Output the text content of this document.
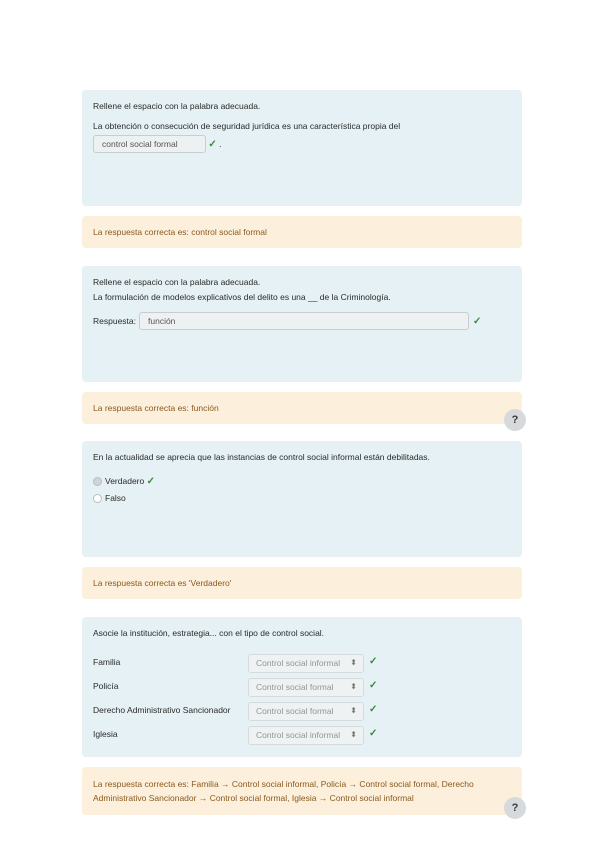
Rellene el espacio con la palabra adecuada.

La obtención o consecución de seguridad jurídica es una característica propia del

control social formal	✓ .
La respuesta correcta es: control social formal

Rellene el espacio con la palabra adecuada.

La formulación de modelos explicativos del delito es una __ de la Criminología.

Respuesta:	función	✓
La respuesta correcta es: función
?

En la actualidad se aprecia que las instancias de control social informal están debilitadas.

Verdadero ✓
Falso
La respuesta correcta es 'Verdadero'

Asocie la institución, estrategia... con el tipo de control social.

Familia	Control social informal ⬍ ✓
Policía	Control social formal ⬍ ✓
Derecho Administrativo Sancionador	Control social formal ⬍ ✓
Iglesia	Control social informal ⬍ ✓

La respuesta correcta es: Familia → Control social informal, Policía → Control social formal, Derecho

Administrativo Sancionador → Control social formal, Iglesia → Control social informal

?
